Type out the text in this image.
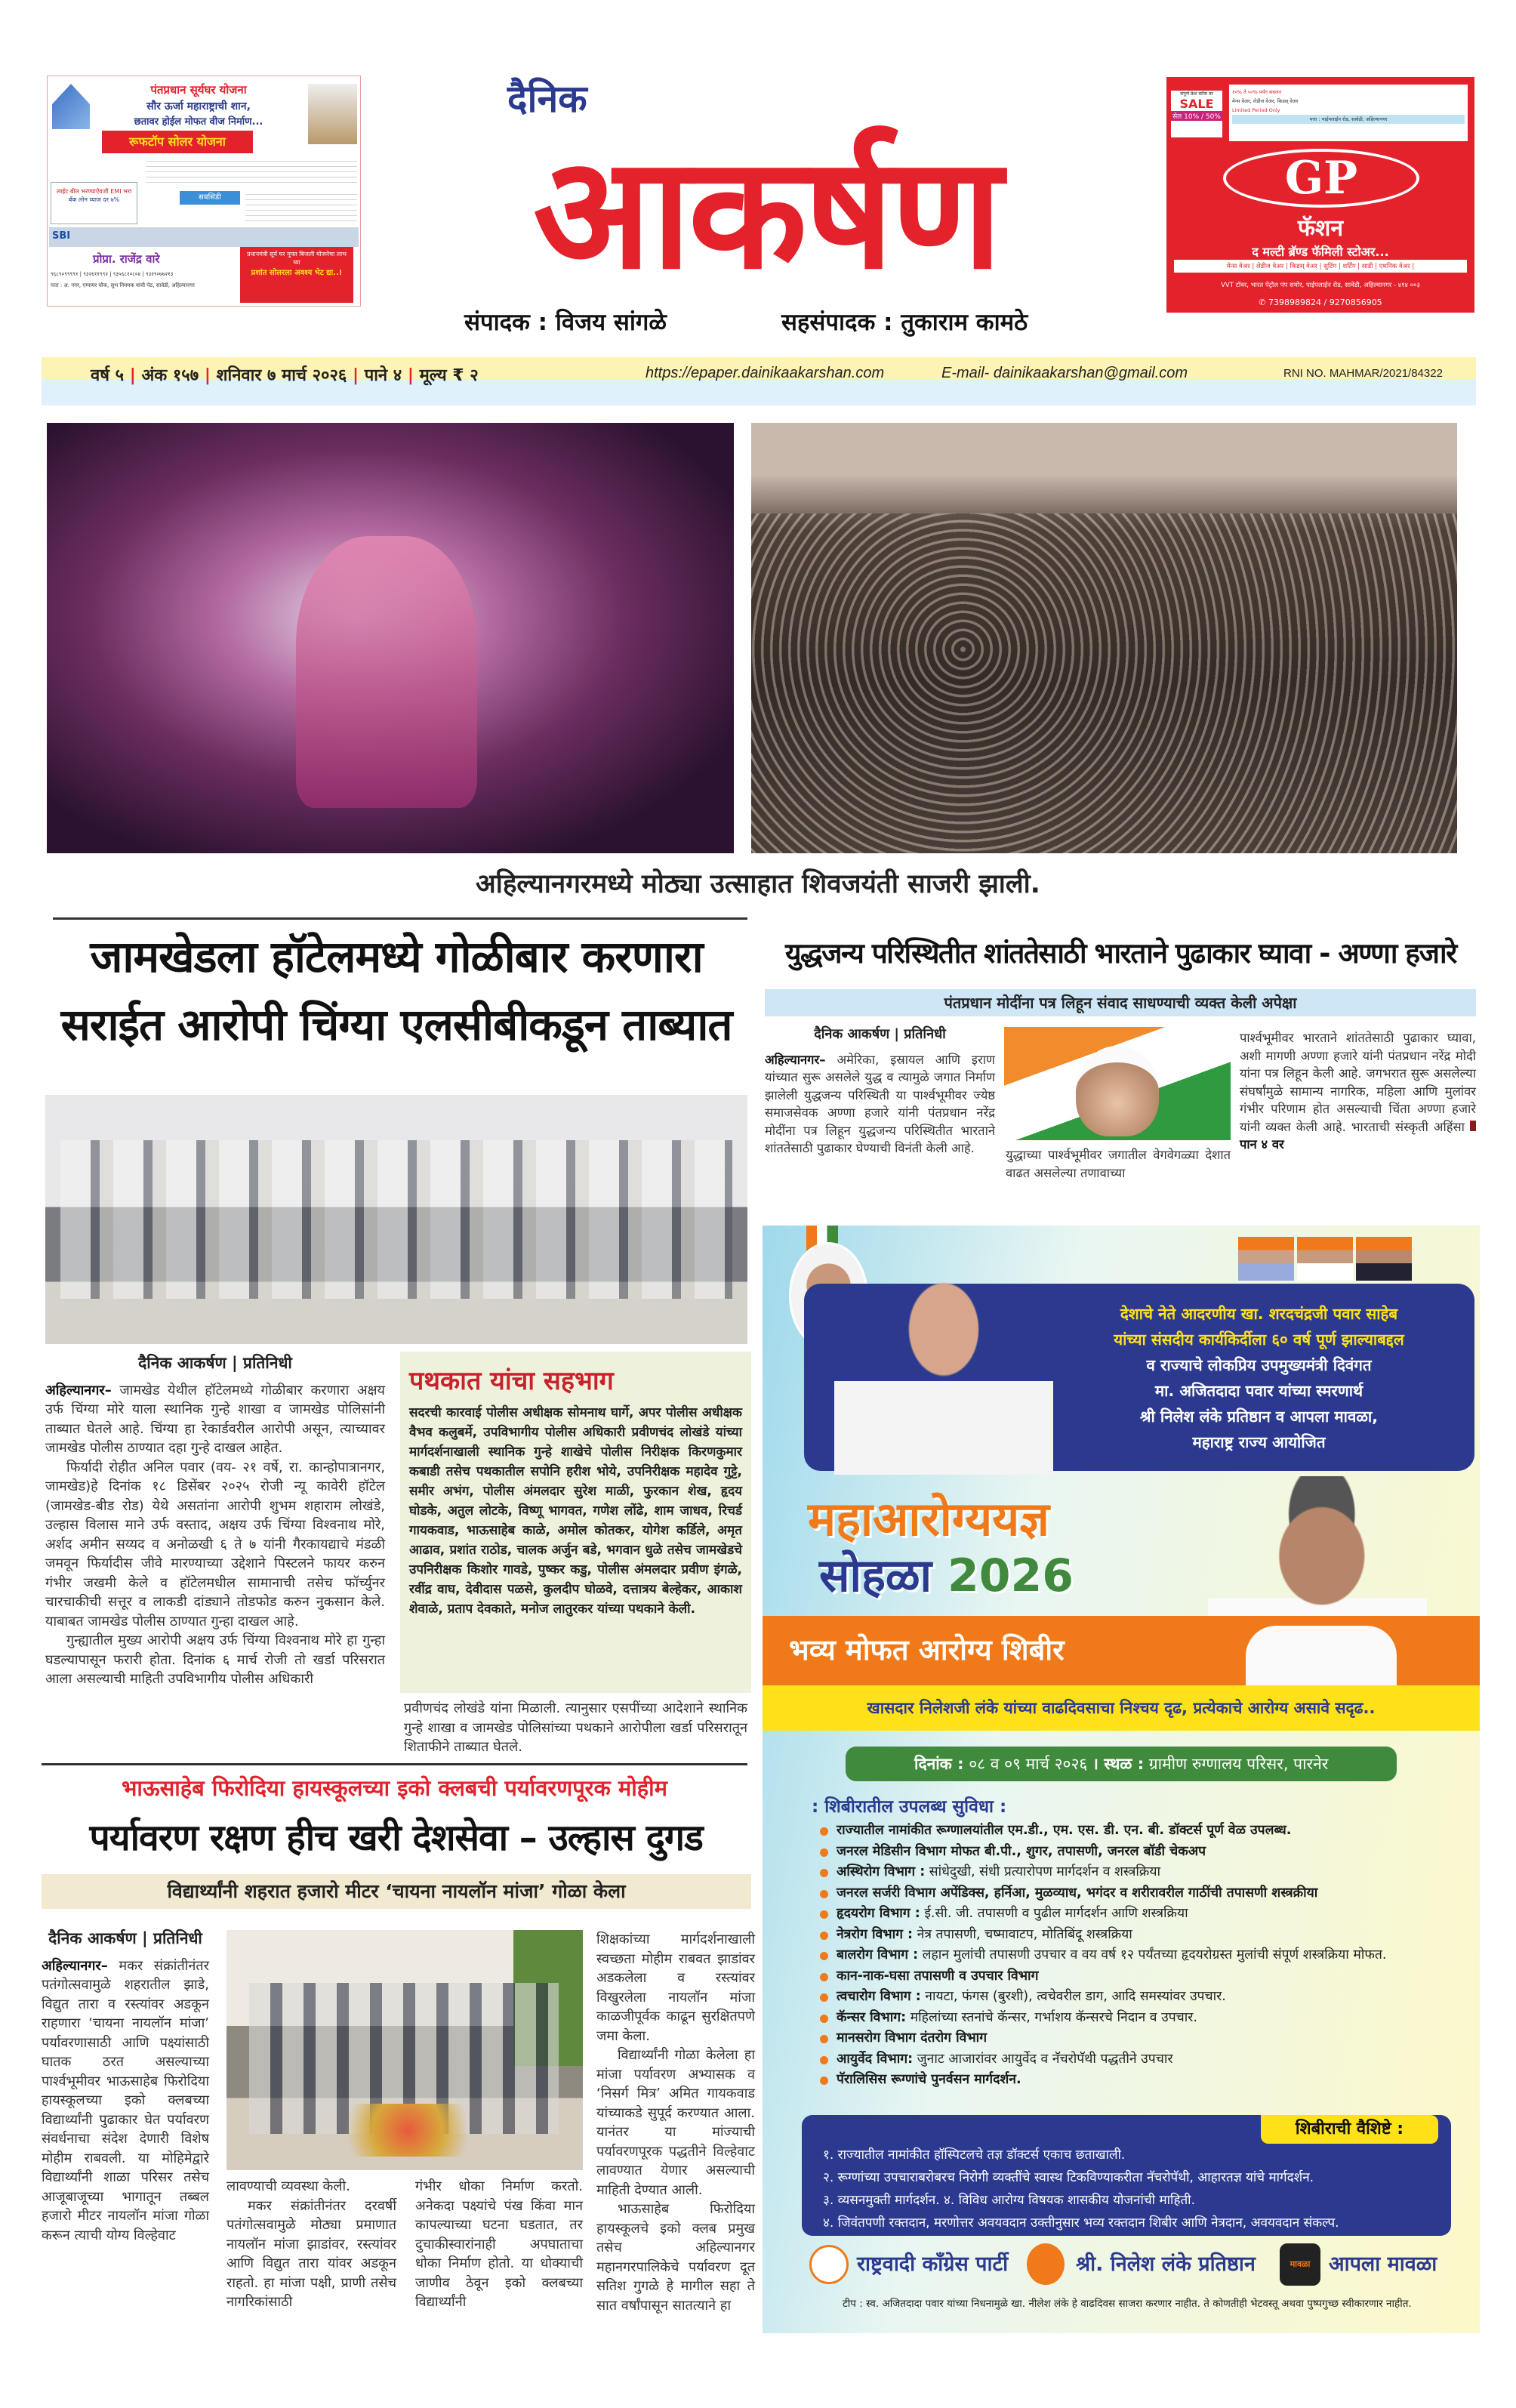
पंतप्रधान सूर्यघर योजना
सौर ऊर्जा महाराष्ट्राची शान,
छतावर होईल मोफत वीज निर्माण...
रूफटॉप सोलर योजना
लाईट बील भरण्याऐवजी EMI भरा
बँक लोन व्याज दर ७%	सबसिडी
SBI
प्रोप्रा. राजेंद्र वारे
९६८९०९९९९१ | ९३२६११९९२ | ९३५६८१०८०४ | ९३२९०७७२१३
पत्ता : अ. नगर, एम्पायर चौक, सुभ नियमक यांची पेठ, सावेडी, अहिल्यानगर
प्रधानमंत्री सूर्य घर मुफ्त बिजली योजनेचा लाभ घ्या
प्रशांत सोलरला अवश्य भेट द्या..!
दैनिक
आकर्षण
संपादक : विजय सांगळे	सहसंपादक : तुकाराम कामठे
संपूर्ण फ्रेश स्टॉक वर
SALE
सेल 10% / 50%
१०% ते ५०% पर्यंत सवलत
मेन्स वेअर, लेडीज वेअर, किडस् वेअर
Limited Period Only
पत्ता : पाईपलाईन रोड, सावेडी, अहिल्यानगर
GP
फॅशन
द मल्टी ब्रॅण्ड फॅमिली स्टोअर...
मेन्स वेअर | लेडीज वेअर | किडस् वेअर | सुटिंग | शर्टिंग | साडी | एथनिक वेअर |
VVT टॉवर, भारत पेट्रोल पंप समोर, पाईपलाईन रोड, सावेडी, अहिल्यानगर - ४१४ ००३
✆ 7398989824 / 9270856905
वर्ष ५ | अंक १५७ | शनिवार ७ मार्च २०२६ | पाने ४ | मूल्य ₹ २	https://epaper.dainikaakarshan.com	E-mail- dainikaakarshan@gmail.com	RNI NO. MAHMAR/2021/84322
अहिल्यानगरमध्ये मोठ्या उत्साहात शिवजयंती साजरी झाली.
जामखेडला हॉटेलमध्ये गोळीबार करणारा
सराईत आरोपी चिंग्या एलसीबीकडून ताब्यात
दैनिक आकर्षण | प्रतिनिधी

अहिल्यानगर– जामखेड येथील हॉटेलमध्ये गोळीबार करणारा अक्षय उर्फ चिंग्या मोरे याला स्थानिक गुन्हे शाखा व जामखेड पोलिसांनी ताब्यात घेतले आहे. चिंग्या हा रेकार्डवरील आरोपी असून, त्याच्यावर जामखेड पोलीस ठाण्यात दहा गुन्हे दाखल आहेत.

फिर्यादी रोहीत अनिल पवार (वय- २१ वर्षे, रा. कान्होपात्रानगर, जामखेड)हे दिनांक १८ डिसेंबर २०२५ रोजी न्यू कावेरी हॉटेल (जामखेड-बीड रोड) येथे असतांना आरोपी शुभम शहाराम लोखंडे, उल्हास विलास माने उर्फ वस्ताद, अक्षय उर्फ चिंग्या विश्वनाथ मोरे, अर्शद अमीन सय्यद व अनोळखी ६ ते ७ यांनी गैरकायद्याचे मंडळी जमवून फिर्यादीस जीवे मारण्याच्या उद्देशाने पिस्टलने फायर करुन गंभीर जखमी केले व हॉटेलमधील सामानाची तसेच फॉर्च्युनर चारचाकीची सत्तूर व लाकडी दांड्याने तोडफोड करुन नुकसान केले. याबाबत जामखेड पोलीस ठाण्यात गुन्हा दाखल आहे.

गुन्ह्यातील मुख्य आरोपी अक्षय उर्फ चिंग्या विश्वनाथ मोरे हा गुन्हा घडल्यापासून फरारी होता. दिनांक ६ मार्च रोजी तो खर्डा परिसरात आला असल्याची माहिती उपविभागीय पोलीस अधिकारी

पथकात यांचा सहभाग
सदरची कारवाई पोलीस अधीक्षक सोमनाथ घार्गे, अपर पोलीस अधीक्षक वैभव कलुबर्मे, उपविभागीय पोलीस अधिकारी प्रवीणचंद लोखंडे यांच्या मार्गदर्शनाखाली स्थानिक गुन्हे शाखेचे पोलीस निरीक्षक किरणकुमार कबाडी तसेच पथकातील सपोनि हरीश भोये, उपनिरीक्षक महादेव गुट्टे, समीर अभंग, पोलीस अंमलदार सुरेश माळी, फुरकान शेख, हृदय घोडके, अतुल लोटके, विष्णू भागवत, गणेश लोंढे, शाम जाधव, रिचर्ड गायकवाड, भाऊसाहेब काळे, अमोल कोतकर, योगेश कर्डिले, अमृत आढाव, प्रशांत राठोड, चालक अर्जुन बडे, भगवान धुळे तसेच जामखेडचे उपनिरीक्षक किशोर गावडे, पुष्कर कडु, पोलीस अंमलदार प्रवीण इंगळे, रवींद्र वाघ, देवीदास पळसे, कुलदीप घोळवे, दत्तात्रय बेल्हेकर, आकाश शेवाळे, प्रताप देवकाते, मनोज लातुरकर यांच्या पथकाने केली.
प्रवीणचंद लोखंडे यांना मिळाली. त्यानुसार एसपींच्या आदेशाने स्थानिक गुन्हे शाखा व जामखेड पोलिसांच्या पथकाने आरोपीला खर्डा परिसरातून शिताफीने ताब्यात घेतले.
युद्धजन्य परिस्थितीत शांततेसाठी भारताने पुढाकार घ्यावा - अण्णा हजारे
पंतप्रधान मोदींना पत्र लिहून संवाद साधण्याची व्यक्त केली अपेक्षा
दैनिक आकर्षण | प्रतिनिधी

अहिल्यानगर– अमेरिका, इस्रायल आणि इराण यांच्यात सुरू असलेले युद्ध व त्यामुळे जगात निर्माण झालेली युद्धजन्य परिस्थिती या पार्श्वभूमीवर ज्येष्ठ समाजसेवक अण्णा हजारे यांनी पंतप्रधान नरेंद्र मोदींना पत्र लिहून युद्धजन्य परिस्थितीत भारताने शांततेसाठी पुढाकार घेण्याची विनंती केली आहे.	युद्धाच्या पार्श्वभूमीवर जगातील वेगवेगळ्या देशात वाढत असलेल्या तणावाच्या

पार्श्वभूमीवर भारताने शांततेसाठी पुढाकार घ्यावा, अशी मागणी अण्णा हजारे यांनी पंतप्रधान नरेंद्र मोदी यांना पत्र लिहून केली आहे. जगभरात सुरू असलेल्या संघर्षांमुळे सामान्य नागरिक, महिला आणि मुलांवर गंभीर परिणाम होत असल्याची चिंता अण्णा हजारे यांनी व्यक्त केली आहे. भारताची संस्कृती अहिंसा  पान ४ वर

भाऊसाहेब फिरोदिया हायस्कूलच्या इको क्लबची पर्यावरणपूरक मोहीम
पर्यावरण रक्षण हीच खरी देशसेवा – उल्हास दुगड
विद्यार्थ्यांनी शहरात हजारो मीटर ‘चायना नायलॉन मांजा’ गोळा केला
दैनिक आकर्षण | प्रतिनिधी

अहिल्यानगर– मकर संक्रांतीनंतर पतंगोत्सवामुळे शहरातील झाडे, विद्युत तारा व रस्त्यांवर अडकून राहणारा ‘चायना नायलॉन मांजा’ पर्यावरणासाठी आणि पक्ष्यांसाठी घातक ठरत असल्याच्या पार्श्वभूमीवर भाऊसाहेब फिरोदिया हायस्कूलच्या इको क्लबच्या विद्यार्थ्यांनी पुढाकार घेत पर्यावरण संवर्धनाचा संदेश देणारी विशेष मोहीम राबवली. या मोहिमेद्वारे विद्यार्थ्यांनी शाळा परिसर तसेच आजूबाजूच्या भागातून तब्बल हजारो मीटर नायलॉन मांजा गोळा करून त्याची योग्य विल्हेवाट

लावण्याची व्यवस्था केली.

मकर संक्रांतीनंतर दरवर्षी पतंगोत्सवामुळे मोठ्या प्रमाणात नायलॉन मांजा झाडांवर, रस्त्यांवर आणि विद्युत तारा यांवर अडकून राहतो. हा मांजा पक्षी, प्राणी तसेच नागरिकांसाठी

गंभीर धोका निर्माण करतो. अनेकदा पक्ष्यांचे पंख किंवा मान कापल्याच्या घटना घडतात, तर दुचाकीस्वारांनाही अपघाताचा धोका निर्माण होतो. या धोक्याची जाणीव ठेवून इको क्लबच्या विद्यार्थ्यांनी

शिक्षकांच्या मार्गदर्शनाखाली स्वच्छता मोहीम राबवत झाडांवर अडकलेला व रस्त्यांवर विखुरलेला नायलॉन मांजा काळजीपूर्वक काढून सुरक्षितपणे जमा केला.

विद्यार्थ्यांनी गोळा केलेला हा मांजा पर्यावरण अभ्यासक व ‘निसर्ग मित्र’ अमित गायकवाड यांच्याकडे सुपूर्द करण्यात आला. यानंतर या मांज्याची पर्यावरणपूरक पद्धतीने विल्हेवाट लावण्यात येणार असल्याची माहिती देण्यात आली.

भाऊसाहेब फिरोदिया हायस्कूलचे इको क्लब प्रमुख तसेच अहिल्यानगर महानगरपालिकेचे पर्यावरण दूत सतिश गुगळे हे मागील सहा ते सात वर्षांपासून सातत्याने हा

देशाचे नेते आदरणीय खा. शरदचंद्रजी पवार साहेब
यांच्या संसदीय कार्यकिर्दीला ६० वर्ष पूर्ण झाल्याबद्दल
व राज्याचे लोकप्रिय उपमुख्यमंत्री दिवंगत
मा. अजितदादा पवार यांच्या स्मरणार्थ
श्री निलेश लंके प्रतिष्ठान व आपला मावळा,
महाराष्ट्र राज्य आयोजित
महाआरोग्ययज्ञ
सोहळा 2026
भव्य मोफत आरोग्य शिबीर
खासदार निलेशजी लंके यांच्या वाढदिवसाचा निश्चय दृढ, प्रत्येकाचे आरोग्य असावे सदृढ..
दिनांक : ०८ व ०९ मार्च २०२६ । स्थळ : ग्रामीण रुग्णालय परिसर, पारनेर
: शिबीरातील उपलब्ध सुविधा :
राज्यातील नामांकीत रूग्णालयांतील एम.डी., एम. एस. डी. एन. बी. डॉक्टर्स पूर्ण वेळ उपलब्ध.
जनरल मेडिसीन विभाग मोफत बी.पी., शुगर, तपासणी, जनरल बॉडी चेकअप
अस्थिरोग विभाग : सांधेदुखी, संधी प्रत्यारोपण मार्गदर्शन व शस्त्रक्रिया
जनरल सर्जरी विभाग अपेंडिक्स, हर्निआ, मुळव्याध, भगंदर व शरीरावरील गाठींची तपासणी शस्त्रक्रीया
हृदयरोग विभाग : ई.सी. जी. तपासणी व पुढील मार्गदर्शन आणि शस्त्रक्रिया
नेत्ररोग विभाग : नेत्र तपासणी, चष्मावाटप, मोतिबिंदू शस्त्रक्रिया
बालरोग विभाग : लहान मुलांची तपासणी उपचार व वय वर्ष १२ पर्यंतच्या हृदयरोग्रस्त मुलांची संपूर्ण शस्त्रक्रिया मोफत.
कान-नाक-घसा तपासणी व उपचार विभाग
त्वचारोग विभाग : नायटा, फंगस (बुरशी), त्वचेवरील डाग, आदि समस्यांवर उपचार.
कॅन्सर विभाग: महिलांच्या स्तनांचे कॅन्सर, गर्भाशय कॅन्सरचे निदान व उपचार.
मानसरोग विभाग दंतरोग विभाग
आयुर्वेद विभाग: जुनाट आजारांवर आयुर्वेद व नॅचरोपॅथी पद्धतीने उपचार
पॅरालिसिस रूग्णांचे पुनर्वसन मार्गदर्शन.
१. राज्यातील नामांकीत हॉस्पिटलचे तज्ञ डॉक्टर्स एकाच छताखाली.
२. रूग्णांच्या उपचाराबरोबरच निरोगी व्यक्तींचे स्वास्थ टिकविण्याकरीता नॅचरोपॅथी, आहारतज्ञ यांचे मार्गदर्शन.
३. व्यसनमुक्ती मार्गदर्शन. ४. विविध आरोग्य विषयक शासकीय योजनांची माहिती.
४. जिवंतपणी रक्तदान, मरणोत्तर अवयवदान उक्तीनुसार भव्य रक्तदान शिबीर आणि नेत्रदान, अवयवदान संकल्प.
शिबीराची वैशिष्टे :
राष्ट्रवादी काँग्रेस पार्टी	श्री. निलेश लंके प्रतिष्ठान	मावळा आपला मावळा
टीप : स्व. अजितदादा पवार यांच्या निधनामुळे खा. नीलेश लंके हे वाढदिवस साजरा करणार नाहीत. ते कोणतीही भेटवस्तू अथवा पुष्पगुच्छ स्वीकारणार नाहीत.
